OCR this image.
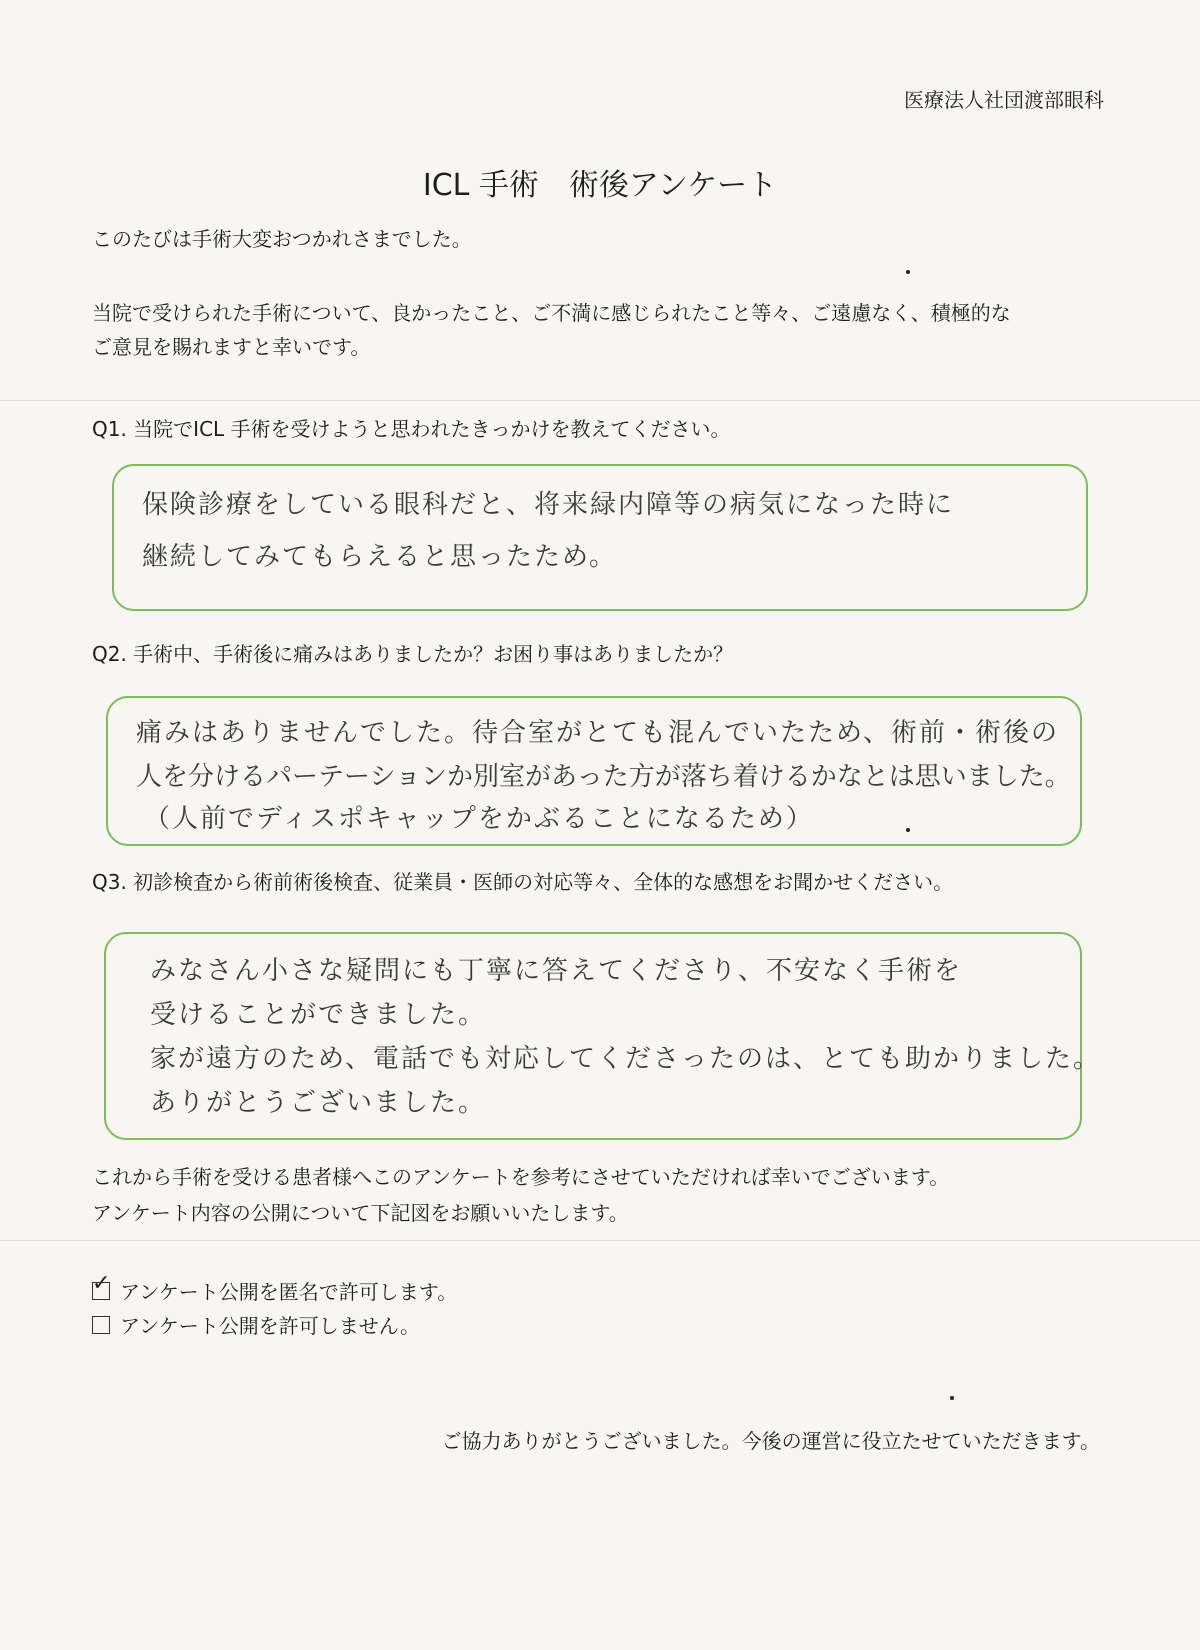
医療法人社団渡部眼科
ICL 手術　術後アンケート
このたびは手術大変おつかれさまでした。
当院で受けられた手術について、良かったこと、ご不満に感じられたこと等々、ご遠慮なく、積極的な
ご意見を賜れますと幸いです。
Q1. 当院でICL 手術を受けようと思われたきっかけを教えてください。
保険診療をしている眼科だと、将来緑内障等の病気になった時に
継続してみてもらえると思ったため。
Q2. 手術中、手術後に痛みはありましたか？お困り事はありましたか？
痛みはありませんでした。待合室がとても混んでいたため、術前・術後の
人を分けるパーテーションか別室があった方が落ち着けるかなとは思いました。
（人前でディスポキャップをかぶることになるため）
Q3. 初診検査から術前術後検査、従業員・医師の対応等々、全体的な感想をお聞かせください。
みなさん小さな疑問にも丁寧に答えてくださり、不安なく手術を
受けることができました。
家が遠方のため、電話でも対応してくださったのは、とても助かりました。
ありがとうございました。
これから手術を受ける患者様へこのアンケートを参考にさせていただければ幸いでございます。
アンケート内容の公開について下記図をお願いいたします。
✓ アンケート公開を匿名で許可します。
アンケート公開を許可しません。
ご協力ありがとうございました。今後の運営に役立たせていただきます。
